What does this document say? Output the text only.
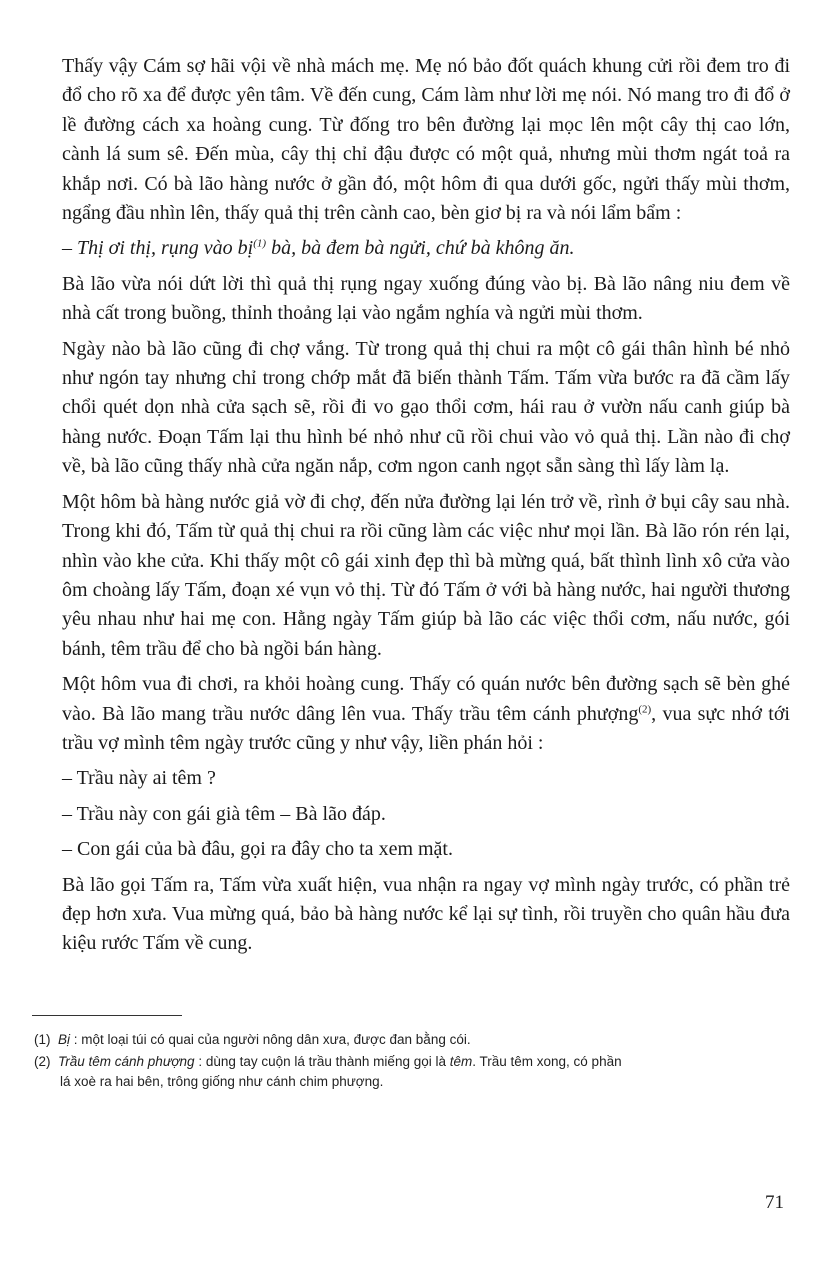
Thấy vậy Cám sợ hãi vội về nhà mách mẹ. Mẹ nó bảo đốt quách khung cửi rồi đem tro đi đổ cho rõ xa để được yên tâm. Về đến cung, Cám làm như lời mẹ nói. Nó mang tro đi đổ ở lề đường cách xa hoàng cung. Từ đống tro bên đường lại mọc lên một cây thị cao lớn, cành lá sum sê. Đến mùa, cây thị chỉ đậu được có một quả, nhưng mùi thơm ngát toả ra khắp nơi. Có bà lão hàng nước ở gần đó, một hôm đi qua dưới gốc, ngửi thấy mùi thơm, ngẩng đầu nhìn lên, thấy quả thị trên cành cao, bèn giơ bị ra và nói lẩm bẩm :

– Thị ơi thị, rụng vào bị$^{(1)}$ bà, bà đem bà ngửi, chứ bà không ăn.

Bà lão vừa nói dứt lời thì quả thị rụng ngay xuống đúng vào bị. Bà lão nâng niu đem về nhà cất trong buồng, thỉnh thoảng lại vào ngắm nghía và ngửi mùi thơm.

Ngày nào bà lão cũng đi chợ vắng. Từ trong quả thị chui ra một cô gái thân hình bé nhỏ như ngón tay nhưng chỉ trong chớp mắt đã biến thành Tấm. Tấm vừa bước ra đã cầm lấy chổi quét dọn nhà cửa sạch sẽ, rồi đi vo gạo thổi cơm, hái rau ở vườn nấu canh giúp bà hàng nước. Đoạn Tấm lại thu hình bé nhỏ như cũ rồi chui vào vỏ quả thị. Lần nào đi chợ về, bà lão cũng thấy nhà cửa ngăn nắp, cơm ngon canh ngọt sẵn sàng thì lấy làm lạ.

Một hôm bà hàng nước giả vờ đi chợ, đến nửa đường lại lén trở về, rình ở bụi cây sau nhà. Trong khi đó, Tấm từ quả thị chui ra rồi cũng làm các việc như mọi lần. Bà lão rón rén lại, nhìn vào khe cửa. Khi thấy một cô gái xinh đẹp thì bà mừng quá, bất thình lình xô cửa vào ôm choàng lấy Tấm, đoạn xé vụn vỏ thị. Từ đó Tấm ở với bà hàng nước, hai người thương yêu nhau như hai mẹ con. Hằng ngày Tấm giúp bà lão các việc thổi cơm, nấu nước, gói bánh, têm trầu để cho bà ngồi bán hàng.

Một hôm vua đi chơi, ra khỏi hoàng cung. Thấy có quán nước bên đường sạch sẽ bèn ghé vào. Bà lão mang trầu nước dâng lên vua. Thấy trầu têm cánh phượng$^{(2)}$, vua sực nhớ tới trầu vợ mình têm ngày trước cũng y như vậy, liền phán hỏi :

– Trầu này ai têm ?

– Trầu này con gái già têm – Bà lão đáp.

– Con gái của bà đâu, gọi ra đây cho ta xem mặt.

Bà lão gọi Tấm ra, Tấm vừa xuất hiện, vua nhận ra ngay vợ mình ngày trước, có phần trẻ đẹp hơn xưa. Vua mừng quá, bảo bà hàng nước kể lại sự tình, rồi truyền cho quân hầu đưa kiệu rước Tấm về cung.

(1) Bị : một loại túi có quai của người nông dân xưa, được đan bằng cói.

(2) Trầu têm cánh phượng : dùng tay cuộn lá trầu thành miếng gọi là têm. Trầu têm xong, có phần
lá xoè ra hai bên, trông giống như cánh chim phượng.

71
